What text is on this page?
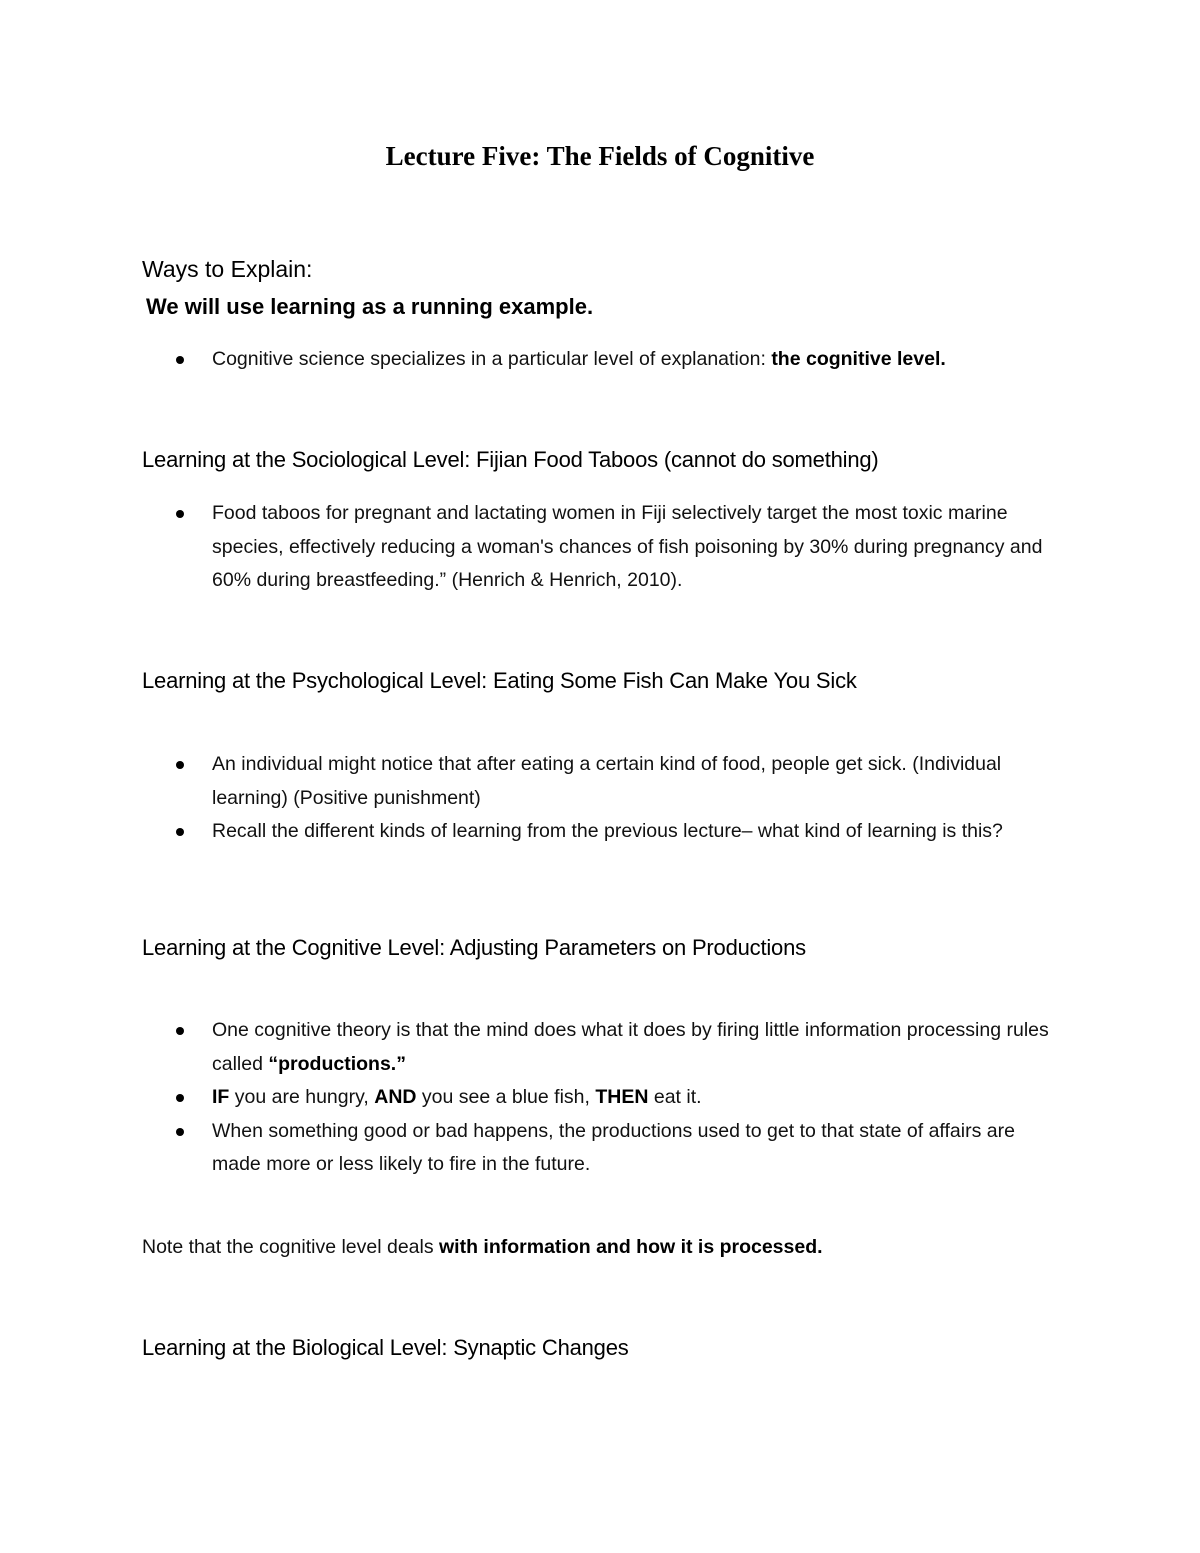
Lecture Five: The Fields of Cognitive

Ways to Explain:

We will use learning as a running example.

Cognitive science specializes in a particular level of explanation: the cognitive level.
Learning at the Sociological Level: Fijian Food Taboos (cannot do something)
Food taboos for pregnant and lactating women in Fiji selectively target the most toxic marine species, effectively reducing a woman's chances of fish poisoning by 30% during pregnancy and 60% during breastfeeding.” (Henrich & Henrich, 2010).
Learning at the Psychological Level: Eating Some Fish Can Make You Sick
An individual might notice that after eating a certain kind of food, people get sick. (Individual learning) (Positive punishment)
Recall the different kinds of learning from the previous lecture– what kind of learning is this?
Learning at the Cognitive Level: Adjusting Parameters on Productions
One cognitive theory is that the mind does what it does by firing little information processing rules called “productions.”
IF you are hungry, AND you see a blue fish, THEN eat it.
When something good or bad happens, the productions used to get to that state of affairs are made more or less likely to fire in the future.

Note that the cognitive level deals with information and how it is processed.

Learning at the Biological Level: Synaptic Changes
